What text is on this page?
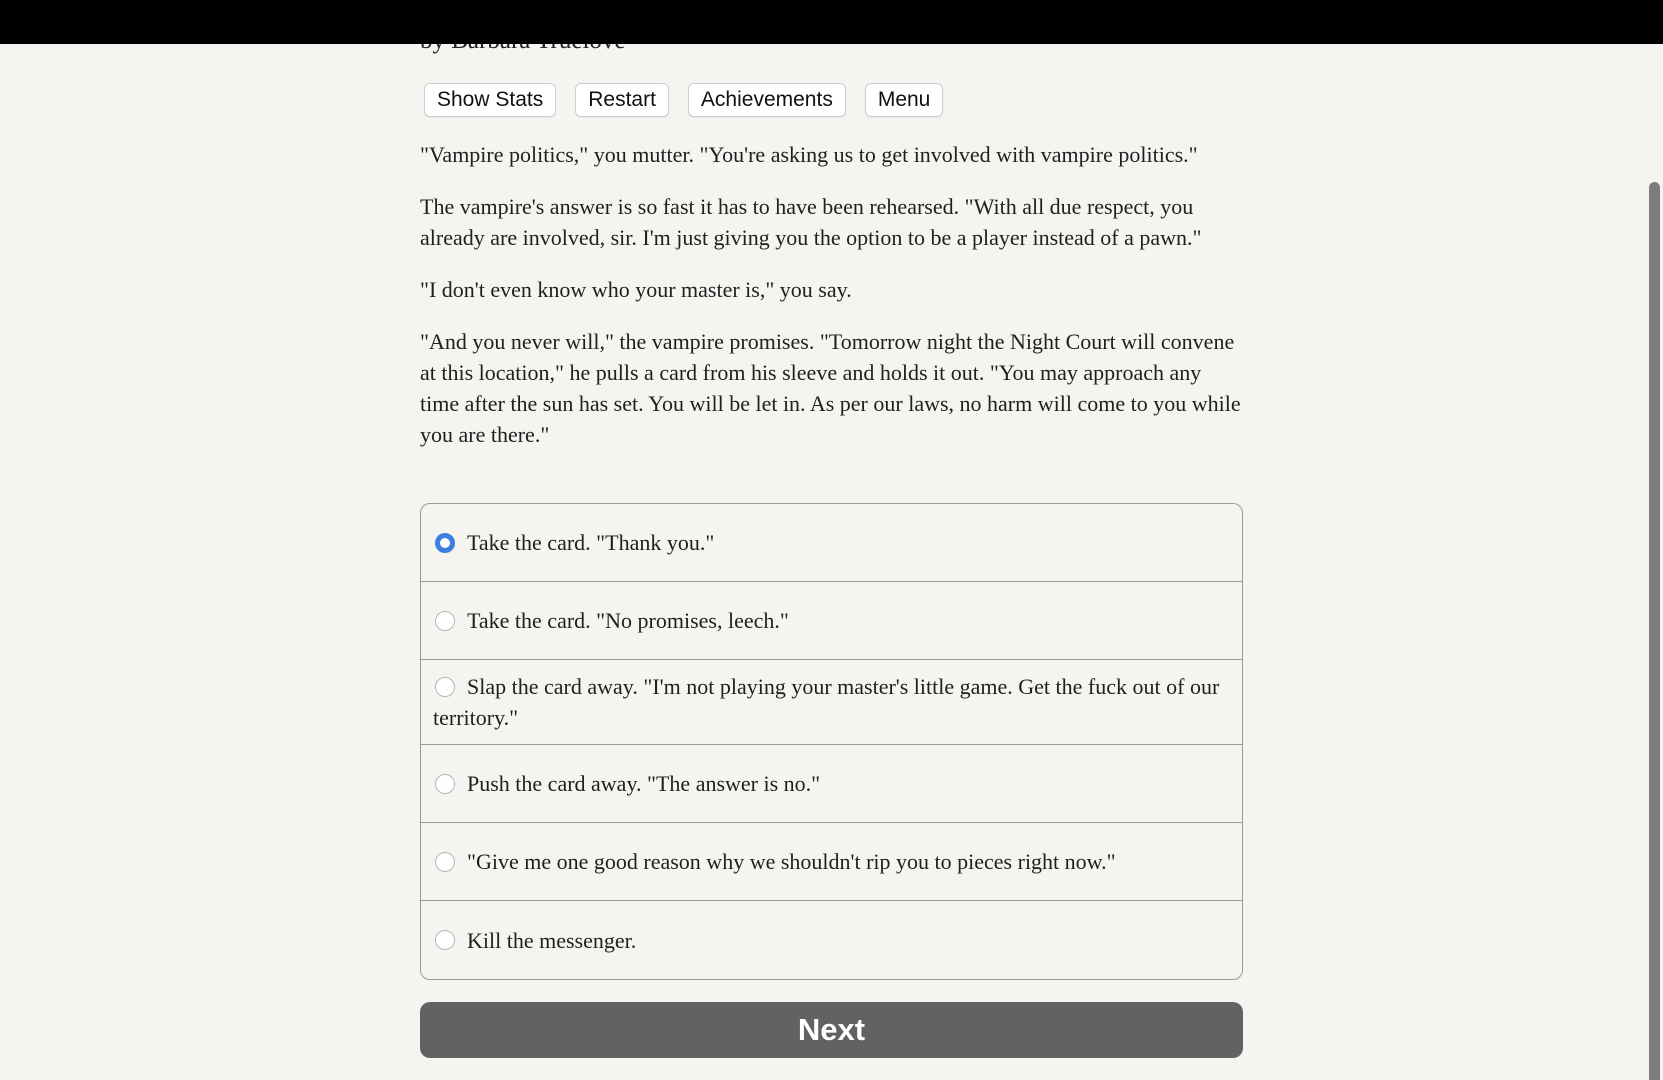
Show Stats	Restart	Achievements	Menu

"Vampire politics," you mutter. "You're asking us to get involved with vampire politics."

The vampire's answer is so fast it has to have been rehearsed. "With all due respect, you already are involved, sir. I'm just giving you the option to be a player instead of a pawn."

"I don't even know who your master is," you say.

"And you never will," the vampire promises. "Tomorrow night the Night Court will convene at this location," he pulls a card from his sleeve and holds it out. "You may approach any time after the sun has set. You will be let in. As per our laws, no harm will come to you while you are there."

Take the card. "Thank you."
Take the card. "No promises, leech."
Slap the card away. "I'm not playing your master's little game. Get the fuck out of our territory."
Push the card away. "The answer is no."
"Give me one good reason why we shouldn't rip you to pieces right now."
Kill the messenger.
Next
